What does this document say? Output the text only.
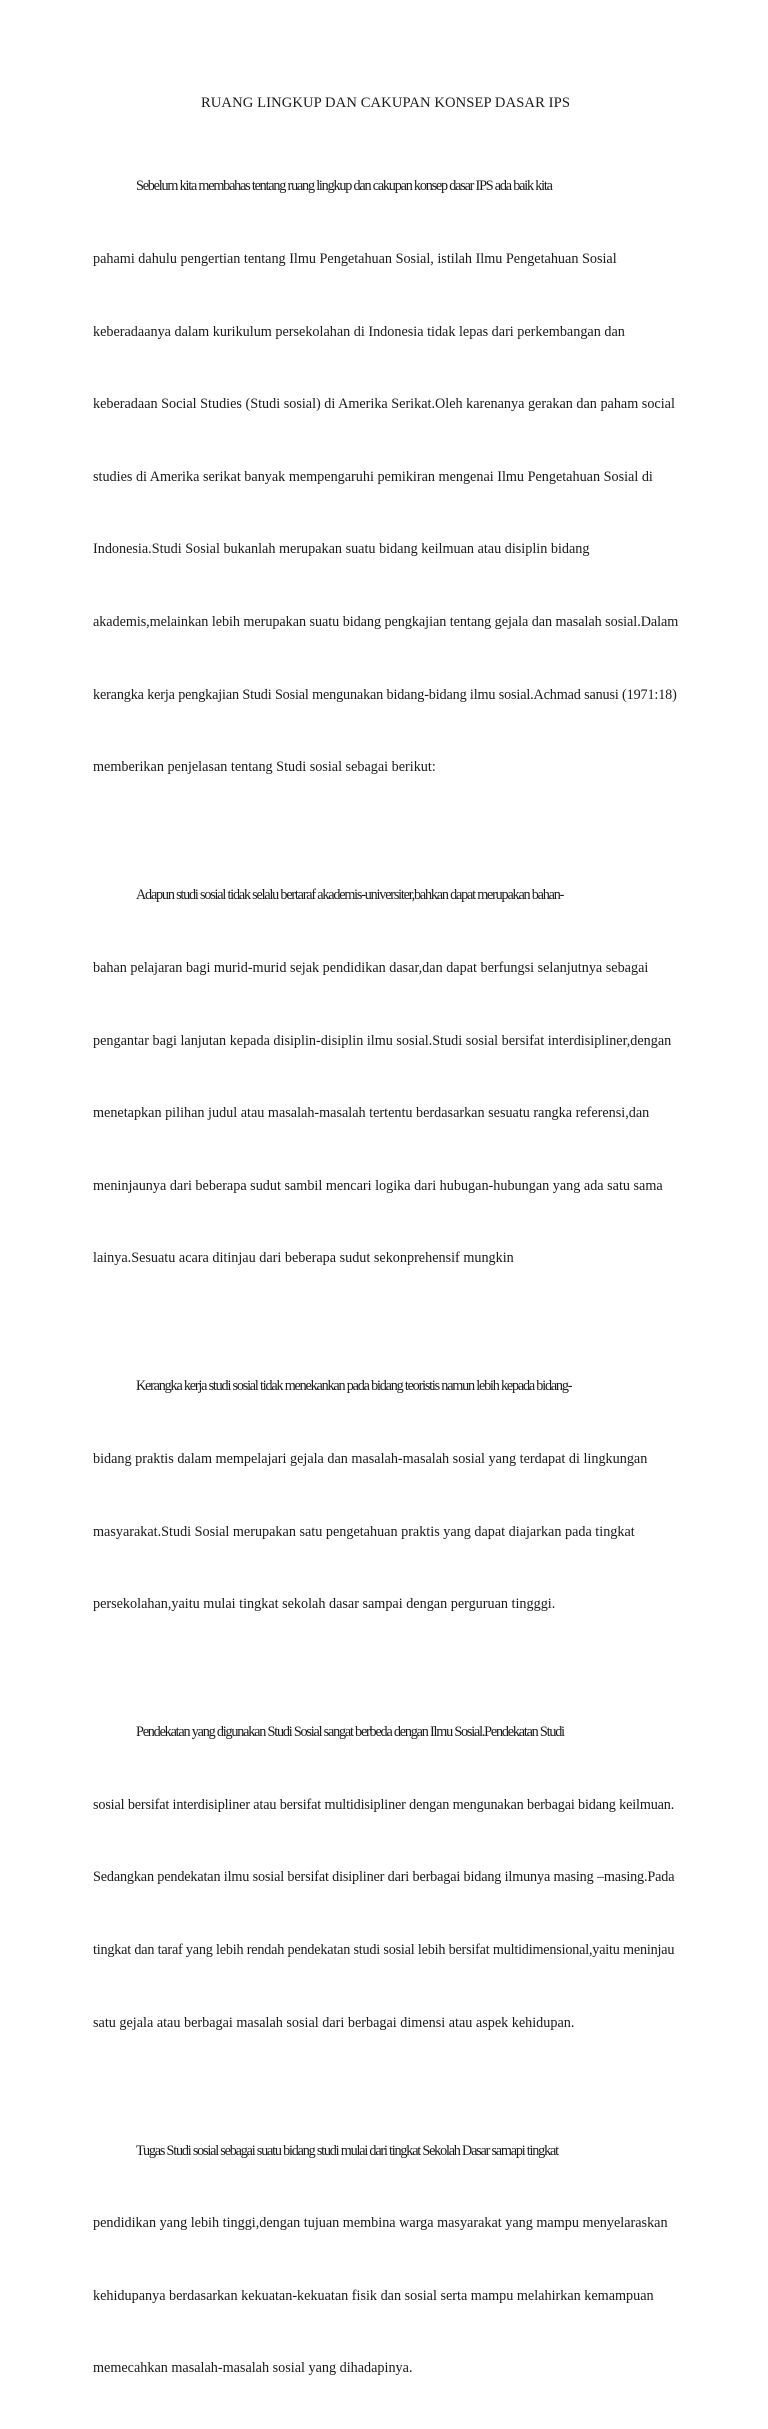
RUANG LINGKUP DAN CAKUPAN KONSEP DASAR IPS

Sebelum kita membahas tentang ruang lingkup dan cakupan konsep dasar IPS ada baik kita

pahami dahulu pengertian tentang Ilmu Pengetahuan Sosial, istilah Ilmu Pengetahuan Sosial

keberadaanya dalam kurikulum persekolahan di Indonesia tidak lepas dari perkembangan dan

keberadaan Social Studies (Studi sosial) di Amerika Serikat.Oleh karenanya gerakan dan paham social

studies di Amerika serikat banyak mempengaruhi pemikiran mengenai Ilmu Pengetahuan Sosial di

Indonesia.Studi Sosial bukanlah merupakan suatu bidang keilmuan atau disiplin bidang

akademis,melainkan lebih merupakan suatu bidang pengkajian tentang gejala dan masalah sosial.Dalam

kerangka kerja pengkajian Studi Sosial mengunakan bidang-bidang ilmu sosial.Achmad sanusi (1971:18)

memberikan penjelasan tentang Studi sosial sebagai berikut:

Adapun studi sosial tidak selalu bertaraf akademis-universiter,bahkan dapat merupakan bahan-

bahan pelajaran bagi murid-murid sejak pendidikan dasar,dan dapat berfungsi selanjutnya sebagai

pengantar bagi lanjutan kepada disiplin-disiplin ilmu sosial.Studi sosial bersifat interdisipliner,dengan

menetapkan pilihan judul atau masalah-masalah tertentu berdasarkan sesuatu rangka referensi,dan

meninjaunya dari beberapa sudut sambil mencari logika dari hubugan-hubungan yang ada satu sama

lainya.Sesuatu acara ditinjau dari beberapa sudut sekonprehensif mungkin

Kerangka kerja studi sosial tidak menekankan pada bidang teoristis namun lebih kepada bidang-

bidang praktis dalam mempelajari gejala dan masalah-masalah sosial yang terdapat di lingkungan

masyarakat.Studi Sosial merupakan satu pengetahuan praktis yang dapat diajarkan pada tingkat

persekolahan,yaitu mulai tingkat sekolah dasar sampai dengan perguruan tingggi.

Pendekatan yang digunakan Studi Sosial sangat berbeda dengan Ilmu Sosial.Pendekatan Studi

sosial bersifat interdisipliner atau bersifat multidisipliner dengan mengunakan berbagai bidang keilmuan.

Sedangkan pendekatan ilmu sosial bersifat disipliner dari berbagai bidang ilmunya masing –masing.Pada

tingkat dan taraf yang lebih rendah pendekatan studi sosial lebih bersifat multidimensional,yaitu meninjau

satu gejala atau berbagai masalah sosial dari berbagai dimensi atau aspek kehidupan.

Tugas Studi sosial sebagai suatu bidang studi mulai dari tingkat Sekolah Dasar samapi tingkat

pendidikan yang lebih tinggi,dengan tujuan membina warga masyarakat yang mampu menyelaraskan

kehidupanya berdasarkan kekuatan-kekuatan fisik dan sosial serta mampu melahirkan kemampuan

memecahkan masalah-masalah sosial yang dihadapinya.
